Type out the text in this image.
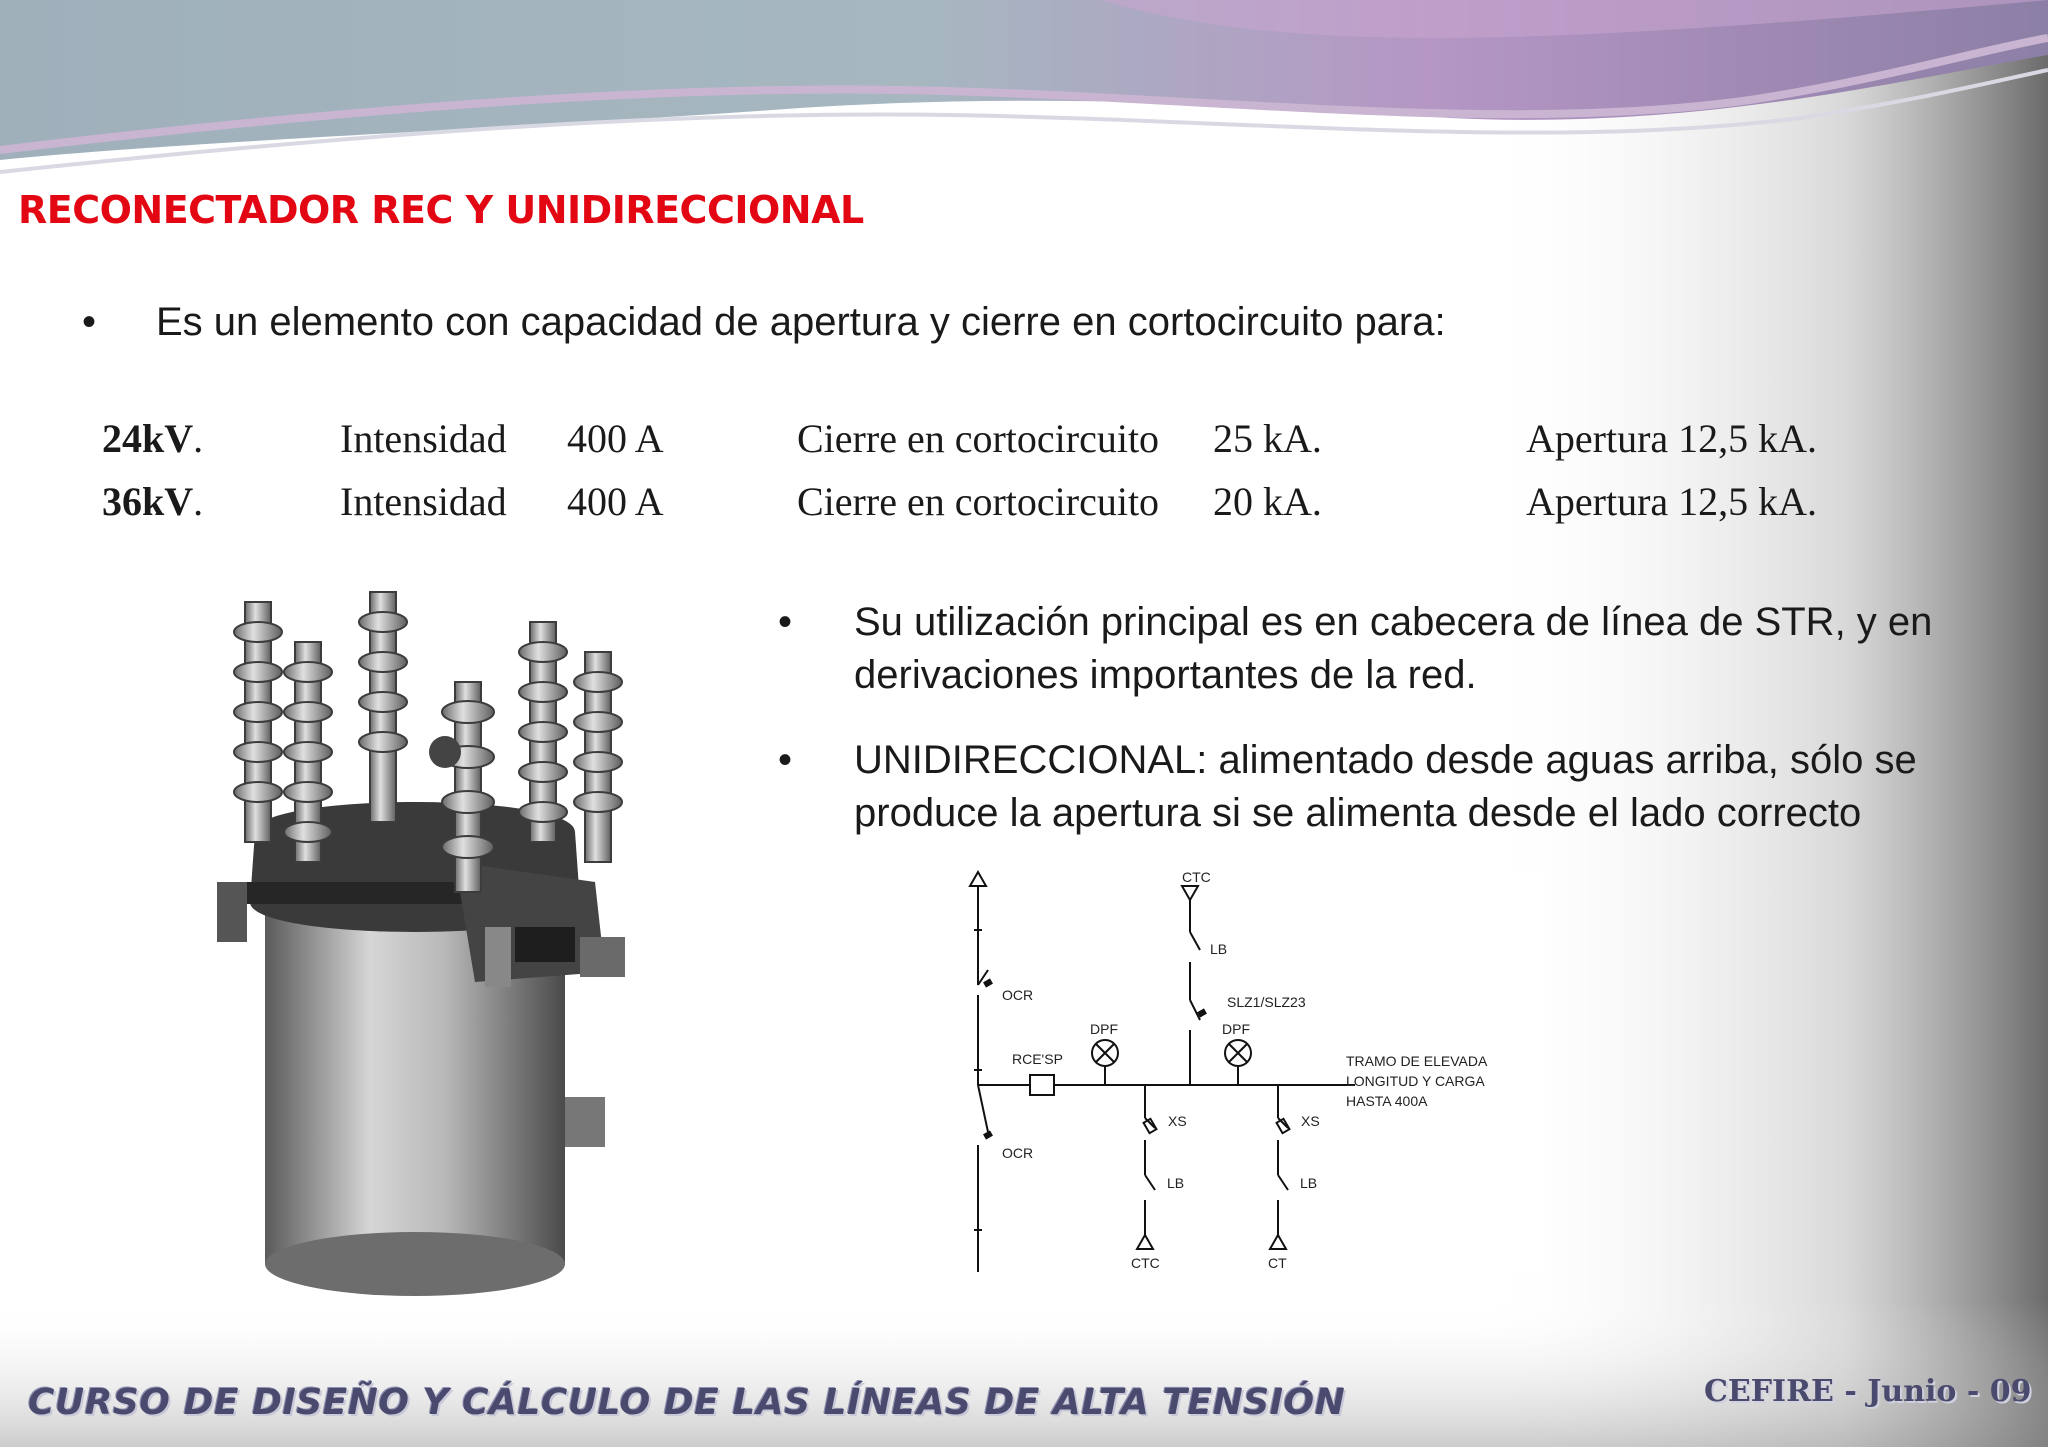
RECONECTADOR REC Y UNIDIRECCIONAL
• Es un elemento con capacidad de apertura y cierre en cortocircuito para:
24kV.	Intensidad 400 A	Cierre en cortocircuito 25 kA.	Apertura 12,5 kA.
36kV.	Intensidad 400 A	Cierre en cortocircuito 20 kA.	Apertura 12,5 kA.
• Su utilización principal es en cabecera de línea de STR, y en derivaciones importantes de la red.
• UNIDIRECCIONAL: alimentado desde aguas arriba, sólo se produce la apertura si se alimenta desde el lado correcto
CTC
LB
SLZ1/SLZ23
DPF	DPF
RCE'SP
OCR
OCR
XS	XS
LB	LB
CTC	CT
TRAMO DE ELEVADA
LONGITUD Y CARGA
HASTA 400A
CURSO DE DISEÑO Y CÁLCULO DE LAS LÍNEAS DE ALTA TENSIÓN	CEFIRE - Junio - 09
